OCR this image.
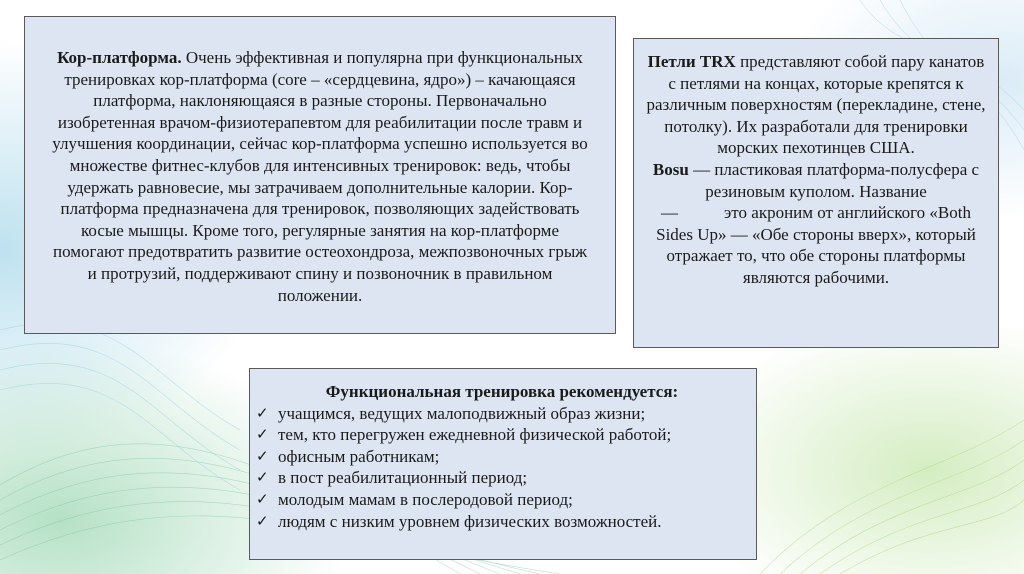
Кор-платформа. Очень эффективная и популярна при функциональных тренировках кор-платформа (core – «сердцевина, ядро») – качающаяся платформа, наклоняющаяся в разные стороны. Первоначально изобретенная врачом-физиотерапевтом для реабилитации после травм и улучшения координации, сейчас кор-платформа успешно используется во множестве фитнес-клубов для интенсивных тренировок: ведь, чтобы удержать равновесие, мы затрачиваем дополнительные калории. Кор-платформа предназначена для тренировок, позволяющих задействовать косые мышцы. Кроме того, регулярные занятия на кор-платформе помогают предотвратить развитие остеохондроза, межпозвоночных грыж и протрузий, поддерживают спину и позвоночник в правильном положении.
Петли TRX представляют собой пару канатов с петлями на концах, которые крепятся к различным поверхностям (перекладине, стене, потолку). Их разработали для тренировки морских пехотинцев США.
Bosu — пластиковая платформа-полусфера с резиновым куполом. Название
—	это акроним от английского «Both Sides Up» — «Обе стороны вверх», который отражает то, что обе стороны платформы являются рабочими.
Функциональная тренировка рекомендуется:
✓ учащимся, ведущих малоподвижный образ жизни;
✓ тем, кто перегружен ежедневной физической работой;
✓ офисным работникам;
✓ в пост реабилитационный период;
✓ молодым мамам в послеродовой период;
✓ людям с низким уровнем физических возможностей.
